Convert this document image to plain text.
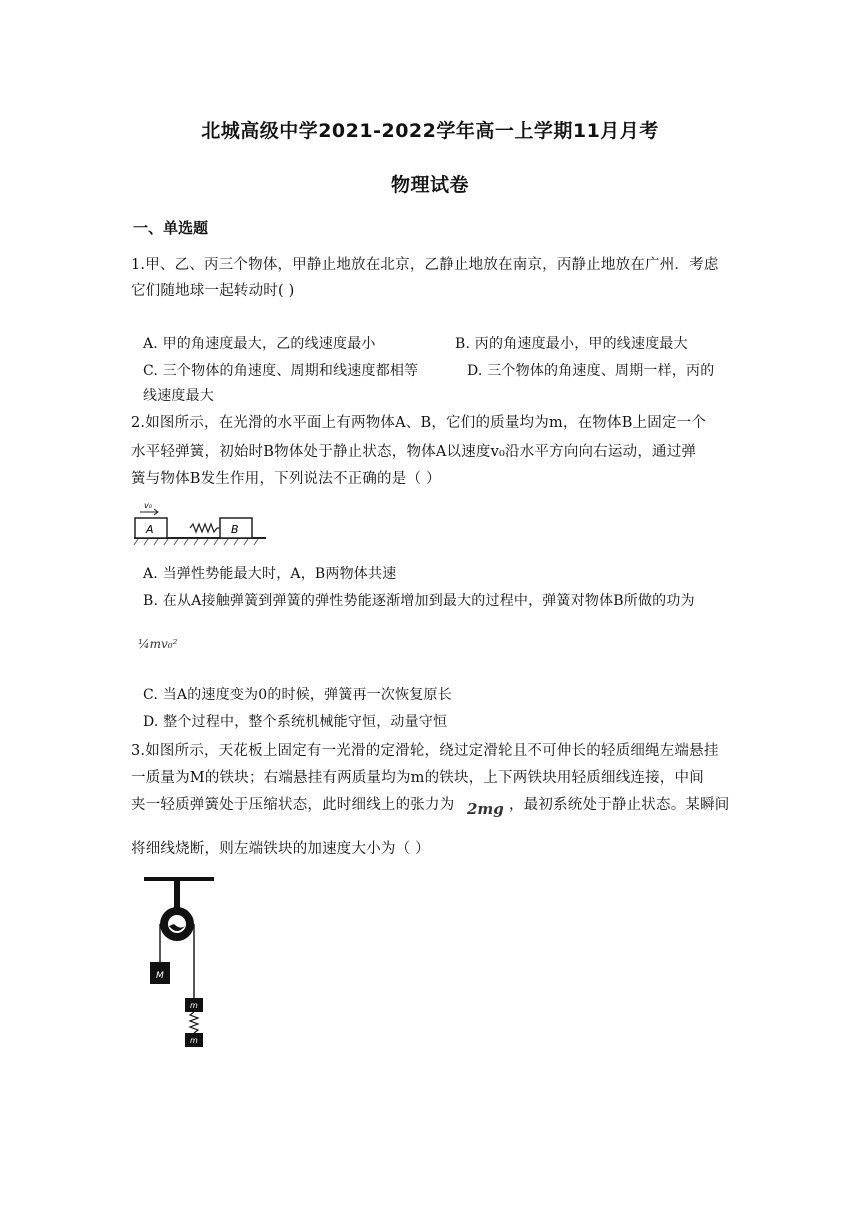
北城高级中学2021-2022学年高一上学期11月月考
物理试卷
一、单选题
1.甲、乙、丙三个物体，甲静止地放在北京，乙静止地放在南京，丙静止地放在广州．考虑
它们随地球一起转动时( )
A. 甲的角速度最大，乙的线速度最小	B. 丙的角速度最小，甲的线速度最大
C. 三个物体的角速度、周期和线速度都相等	D. 三个物体的角速度、周期一样，丙的
线速度最大
2.如图所示，在光滑的水平面上有两物体A、B，它们的质量均为m，在物体B上固定一个
水平轻弹簧，初始时B物体处于静止状态，物体A以速度v₀沿水平方向向右运动，通过弹
簧与物体B发生作用，下列说法不正确的是（ ）
A
v₀
B
A. 当弹性势能最大时，A，B两物体共速
B. 在从A接触弹簧到弹簧的弹性势能逐渐增加到最大的过程中，弹簧对物体B所做的功为
¼mv₀²
C. 当A的速度变为0的时候，弹簧再一次恢复原长
D. 整个过程中，整个系统机械能守恒，动量守恒
3.如图所示，天花板上固定有一光滑的定滑轮，绕过定滑轮且不可伸长的轻质细绳左端悬挂
一质量为M的铁块；右端悬挂有两质量均为m的铁块，上下两铁块用轻质细线连接，中间
夹一轻质弹簧处于压缩状态，此时细线上的张力为 2mg ，最初系统处于静止状态。某瞬间
将细线烧断，则左端铁块的加速度大小为（ ）
M
m
m
